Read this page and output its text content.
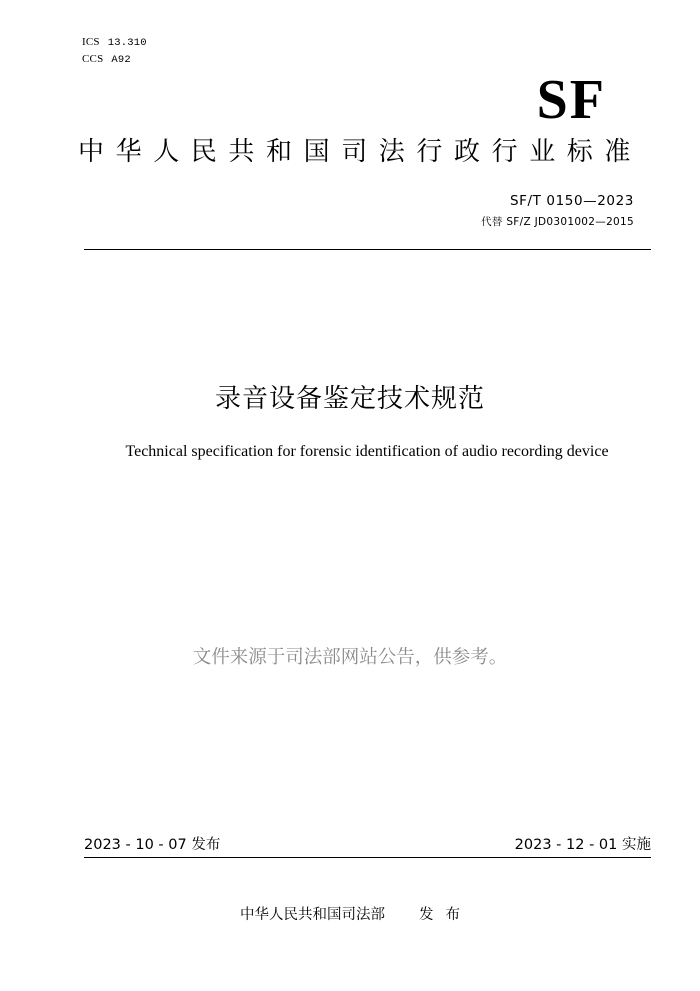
ICS 13.310
CCS A92
SF
中华人民共和国司法行政行业标准
SF/T 0150—2023
代替 SF/Z JD0301002—2015
录音设备鉴定技术规范
Technical specification for forensic identification of audio recording device
文件来源于司法部网站公告，供参考。
2023 - 10 - 07 发布	2023 - 12 - 01 实施
中华人民共和国司法部 发布
